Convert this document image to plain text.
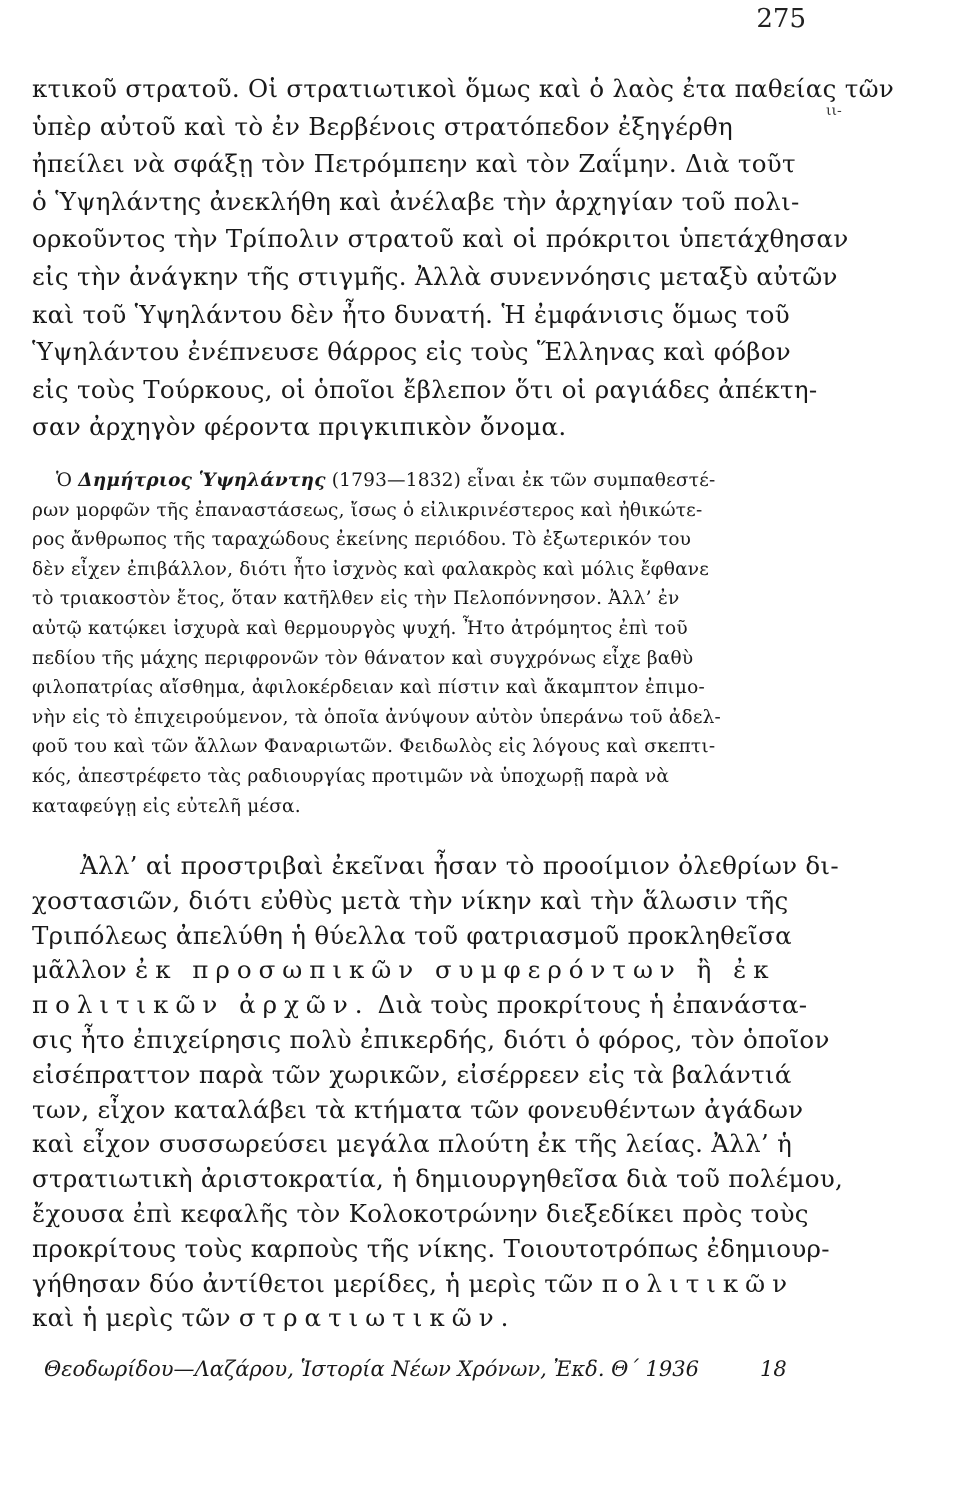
275
ιι-
κτικοῦ στρατοῦ. Οἱ στρατιωτικοὶ ὅμως καὶ ὁ λαὸς ἐτα παθείας τῶν
ὑπὲρ αὐτοῦ καὶ τὸ ἐν Βερβένοις στρατόπεδον ἐξηγέρθη
ἠπείλει νὰ σφάξῃ τὸν Πετρόμπεην καὶ τὸν Ζαΐμην. Διὰ τοῦτ
ὁ Ὑψηλάντης ἀνεκλήθη καὶ ἀνέλαβε τὴν ἀρχηγίαν τοῦ πολι-
ορκοῦντος τὴν Τρίπολιν στρατοῦ καὶ οἱ πρόκριτοι ὑπετάχθησαν
εἰς τὴν ἀνάγκην τῆς στιγμῆς. Ἀλλὰ συνεννόησις μεταξὺ αὐτῶν
καὶ τοῦ Ὑψηλάντου δὲν ἦτο δυνατή. Ἡ ἐμφάνισις ὅμως τοῦ
Ὑψηλάντου ἐνέπνευσε θάρρος εἰς τοὺς Ἕλληνας καὶ φόβον
εἰς τοὺς Τούρκους, οἱ ὁποῖοι ἔβλεπον ὅτι οἱ ραγιάδες ἀπέκτη-
σαν ἀρχηγὸν φέροντα πριγκιπικὸν ὄνομα.
Ὁ Δημήτριος Ὑψηλάντης (1793—1832) εἶναι ἐκ τῶν συμπαθεστέ-
ρων μορφῶν τῆς ἐπαναστάσεως, ἴσως ὁ εἰλικρινέστερος καὶ ἠθικώτε-
ρος ἄνθρωπος τῆς ταραχώδους ἐκείνης περιόδου. Τὸ ἐξωτερικόν του
δὲν εἶχεν ἐπιβάλλον, διότι ἦτο ἰσχνὸς καὶ φαλακρὸς καὶ μόλις ἔφθανε
τὸ τριακοστὸν ἔτος, ὅταν κατῆλθεν εἰς τὴν Πελοπόννησον. Ἀλλ’ ἐν
αὐτῷ κατῴκει ἰσχυρὰ καὶ θερμουργὸς ψυχή. Ἦτο ἀτρόμητος ἐπὶ τοῦ
πεδίου τῆς μάχης περιφρονῶν τὸν θάνατον καὶ συγχρόνως εἶχε βαθὺ
φιλοπατρίας αἴσθημα, ἀφιλοκέρδειαν καὶ πίστιν καὶ ἄκαμπτον ἐπιμο-
νὴν εἰς τὸ ἐπιχειρούμενον, τὰ ὁποῖα ἀνύψουν αὐτὸν ὑπεράνω τοῦ ἀδελ-
φοῦ του καὶ τῶν ἄλλων Φαναριωτῶν. Φειδωλὸς εἰς λόγους καὶ σκεπτι-
κός, ἀπεστρέφετο τὰς ραδιουργίας προτιμῶν νὰ ὑποχωρῇ παρὰ νὰ
καταφεύγῃ εἰς εὐτελῆ μέσα.
Ἀλλ’ αἱ προστριβαὶ ἐκεῖναι ἦσαν τὸ προοίμιον ὀλεθρίων δι-
χοστασιῶν, διότι εὐθὺς μετὰ τὴν νίκην καὶ τὴν ἅλωσιν τῆς
Τριπόλεως ἀπελύθη ἡ θύελλα τοῦ φατριασμοῦ προκληθεῖσα
μᾶλλον ἐκ προσωπικῶν συμφερόντων ἢ ἐκ
πολιτικῶν ἀρχῶν. Διὰ τοὺς προκρίτους ἡ ἐπανάστα-
σις ἦτο ἐπιχείρησις πολὺ ἐπικερδής, διότι ὁ φόρος, τὸν ὁποῖον
εἰσέπραττον παρὰ τῶν χωρικῶν, εἰσέρρεεν εἰς τὰ βαλάντιά
των, εἶχον καταλάβει τὰ κτήματα τῶν φονευθέντων ἀγάδων
καὶ εἶχον συσσωρεύσει μεγάλα πλούτη ἐκ τῆς λείας. Ἀλλ’ ἡ
στρατιωτικὴ ἀριστοκρατία, ἡ δημιουργηθεῖσα διὰ τοῦ πολέμου,
ἔχουσα ἐπὶ κεφαλῆς τὸν Κολοκοτρώνην διεξεδίκει πρὸς τοὺς
προκρίτους τοὺς καρποὺς τῆς νίκης. Τοιουτοτρόπως ἐδημιουρ-
γήθησαν δύο ἀντίθετοι μερίδες, ἡ μερὶς τῶν πολιτικῶν
καὶ ἡ μερὶς τῶν στρατιωτικῶν.
Θεοδωρίδου—Λαζάρου, Ἱστορία Νέων Χρόνων, Ἐκδ. Θ΄ 1936	18
